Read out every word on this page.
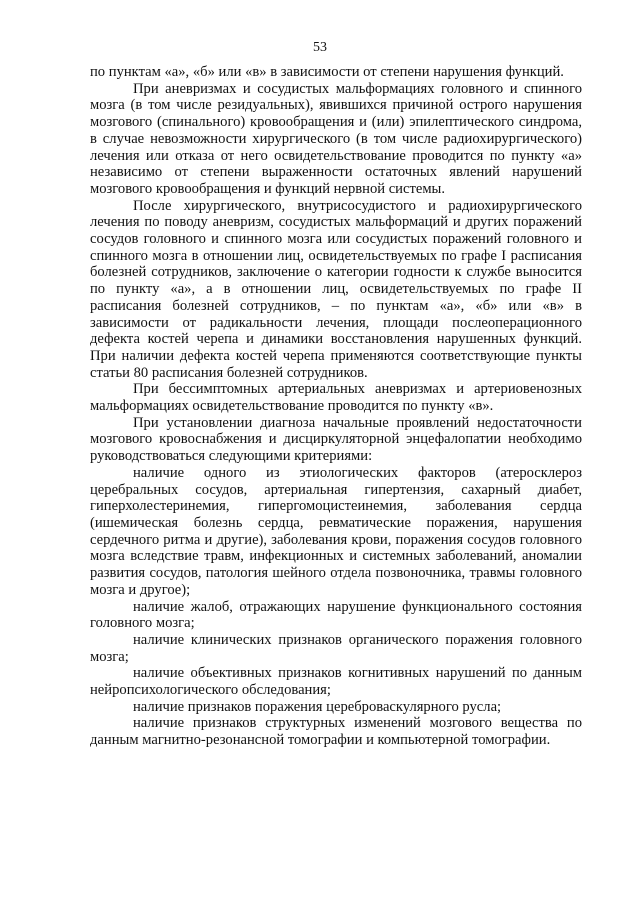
53

по пунктам «а», «б» или «в» в зависимости от степени нарушения функций.

При аневризмах и сосудистых мальформациях головного и спинного мозга (в том числе резидуальных), явившихся причиной острого нарушения мозгового (спинального) кровообращения и (или) эпилептического синдрома, в случае невозможности хирургического (в том числе радиохирургического) лечения или отказа от него освидетельствование проводится по пункту «а» независимо от степени выраженности остаточных явлений нарушений мозгового кровообращения и функций нервной системы.

После хирургического, внутрисосудистого и радиохирургического лечения по поводу аневризм, сосудистых мальформаций и других поражений сосудов головного и спинного мозга или сосудистых поражений головного и спинного мозга в отношении лиц, освидетельствуемых по графе I расписания болезней сотрудников, заключение о категории годности к службе выносится по пункту «а», а в отношении лиц, освидетельствуемых по графе II расписания болезней сотрудников, – по пунктам «а», «б» или «в» в зависимости от радикальности лечения, площади послеоперационного дефекта костей черепа и динамики восстановления нарушенных функций. При наличии дефекта костей черепа применяются соответствующие пункты статьи 80 расписания болезней сотрудников.

При бессимптомных артериальных аневризмах и артериовенозных мальформациях освидетельствование проводится по пункту «в».

При установлении диагноза начальные проявлений недостаточности мозгового кровоснабжения и дисциркуляторной энцефалопатии необходимо руководствоваться следующими критериями:

наличие одного из этиологических факторов (атеросклероз церебральных сосудов, артериальная гипертензия, сахарный диабет, гиперхолестеринемия, гипергомоцистеинемия, заболевания сердца (ишемическая болезнь сердца, ревматические поражения, нарушения сердечного ритма и другие), заболевания крови, поражения сосудов головного мозга вследствие травм, инфекционных и системных заболеваний, аномалии развития сосудов, патология шейного отдела позвоночника, травмы головного мозга и другое);

наличие жалоб, отражающих нарушение функционального состояния головного мозга;

наличие клинических признаков органического поражения головного мозга;

наличие объективных признаков когнитивных нарушений по данным нейропсихологического обследования;

наличие признаков поражения цереброваскулярного русла;

наличие признаков структурных изменений мозгового вещества по данным магнитно-резонансной томографии и компьютерной томографии.
